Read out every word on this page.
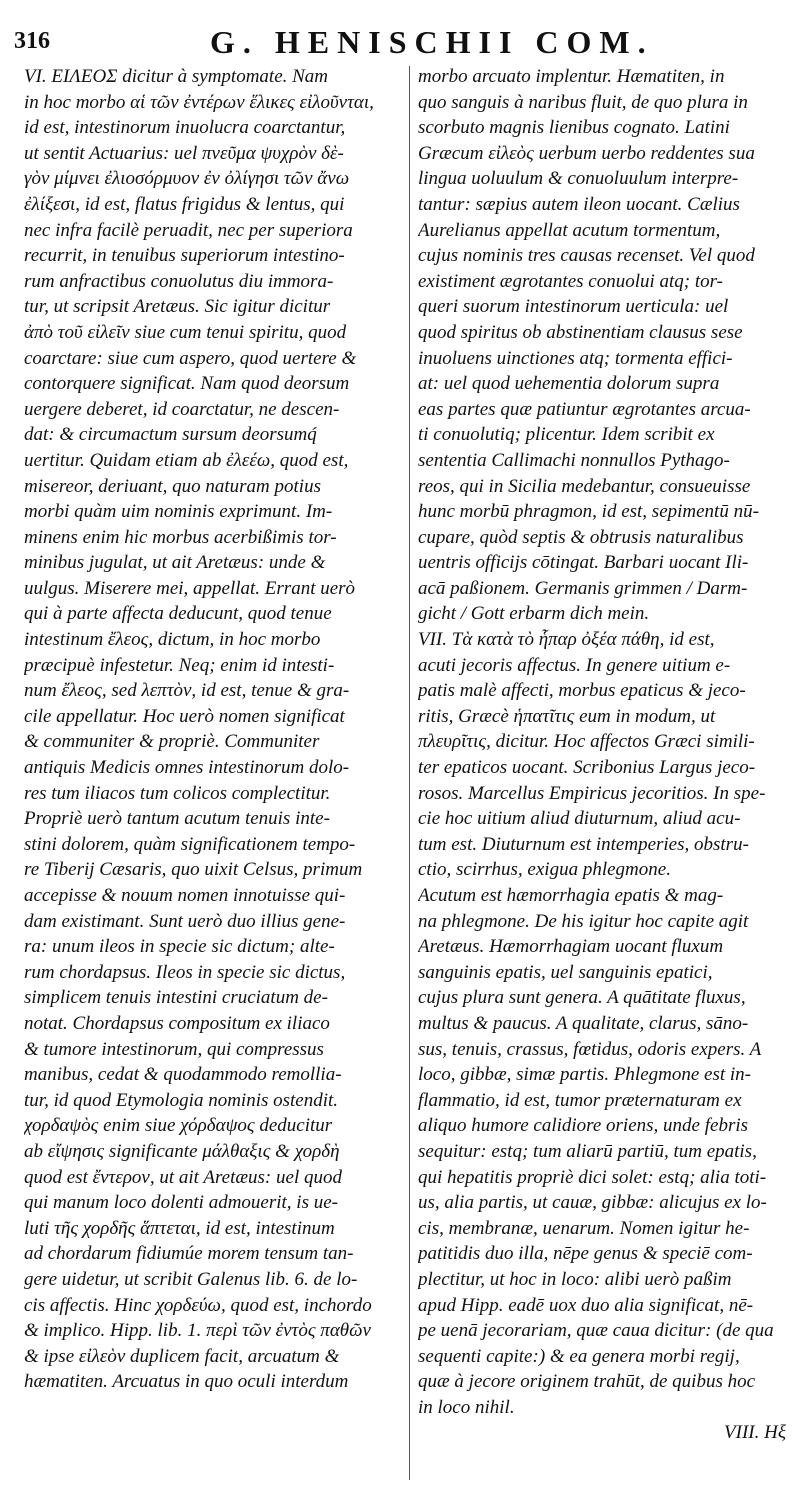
316	G. HENISCHII COM.
VI. ΕΙΛΕΟΣ dicitur à symptomate. Nam
in hoc morbo αἱ τῶν ἐντέρων ἕλικες εἰλοῦνται,
id est, intestinorum inuolucra coarctantur,
ut sentit Actuarius: uel πνεῦμα ψυχρὸν δὲ-
γὸν μίμνει ἐλιοσόρμυον ἐν ὀλίγησι τῶν ἄνω
ἐλίξεσι, id est, flatus frigidus & lentus, qui
nec infra facilè peruadit, nec per superiora
recurrit, in tenuibus superiorum intestino-
rum anfractibus conuolutus diu immora-
tur, ut scripsit Aretæus. Sic igitur dicitur
ἀπὸ τοῦ εἰλεῖν siue cum tenui spiritu, quod
coarctare: siue cum aspero, quod uertere &
contorquere significat. Nam quod deorsum
uergere deberet, id coarctatur, ne descen-
dat: & circumactum sursum deorsumq́
uertitur. Quidam etiam ab ἐλεέω, quod est,
misereor, deriuant, quo naturam potius
morbi quàm uim nominis exprimunt. Im-
minens enim hic morbus acerbißimis tor-
minibus jugulat, ut ait Aretæus: unde &
uulgus. Miserere mei, appellat. Errant uerò
qui à parte affecta deducunt, quod tenue
intestinum ἔλεος, dictum, in hoc morbo
præcipuè infestetur. Neq; enim id intesti-
num ἔλεος, sed λεπτὸν, id est, tenue & gra-
cile appellatur. Hoc uerò nomen significat
& communiter & propriè. Communiter
antiquis Medicis omnes intestinorum dolo-
res tum iliacos tum colicos complectitur.
Propriè uerò tantum acutum tenuis inte-
stini dolorem, quàm significationem tempo-
re Tiberij Cæsaris, quo uixit Celsus, primum
accepisse & nouum nomen innotuisse qui-
dam existimant. Sunt uerò duo illius gene-
ra: unum ileos in specie sic dictum; alte-
rum chordapsus. Ileos in specie sic dictus,
simplicem tenuis intestini cruciatum de-
notat. Chordapsus compositum ex iliaco
& tumore intestinorum, qui compressus
manibus, cedat & quodammodo remollia-
tur, id quod Etymologia nominis ostendit.
χορδαψὸς enim siue χόρδαψος deducitur
ab εἴψησις significante μάλθαξις & χορδὴ
quod est ἔντερον, ut ait Aretæus: uel quod
qui manum loco dolenti admouerit, is ue-
luti τῆς χορδῆς ἅπτεται, id est, intestinum
ad chordarum fidiumúe morem tensum tan-
gere uidetur, ut scribit Galenus lib. 6. de lo-
cis affectis. Hinc χορδεύω, quod est, inchordo
& implico. Hipp. lib. 1. περὶ τῶν ἐντὸς παθῶν
& ipse εἰλεὸν duplicem facit, arcuatum &
hæmatiten. Arcuatus in quo oculi interdum
morbo arcuato implentur. Hæmatiten, in
quo sanguis à naribus fluit, de quo plura in
scorbuto magnis lienibus cognato. Latini
Græcum εἰλεὸς uerbum uerbo reddentes sua
lingua uoluulum & conuoluulum interpre-
tantur: sæpius autem ileon uocant. Cælius
Aurelianus appellat acutum tormentum,
cujus nominis tres causas recenset. Vel quod
existiment ægrotantes conuolui atq; tor-
queri suorum intestinorum uerticula: uel
quod spiritus ob abstinentiam clausus sese
inuoluens uinctiones atq; tormenta effici-
at: uel quod uehementia dolorum supra
eas partes quæ patiuntur ægrotantes arcua-
ti conuolutiq; plicentur. Idem scribit ex
sententia Callimachi nonnullos Pythago-
reos, qui in Sicilia medebantur, consueuisse
hunc morbū phragmon, id est, sepimentū nū-
cupare, quòd septis & obtrusis naturalibus
uentris officijs cōtingat. Barbari uocant Ili-
acā paßionem. Germanis grimmen / Darm-
gicht / Gott erbarm dich mein.
VII. Τὰ κατὰ τὸ ἧπαρ ὀξέα πάθη, id est,
acuti jecoris affectus. In genere uitium e-
patis malè affecti, morbus epaticus & jeco-
ritis, Græcè ἡπατῖτις eum in modum, ut
πλευρῖτις, dicitur. Hoc affectos Græci simili-
ter epaticos uocant. Scribonius Largus jeco-
rosos. Marcellus Empiricus jecoritios. In spe-
cie hoc uitium aliud diuturnum, aliud acu-
tum est. Diuturnum est intemperies, obstru-
ctio, scirrhus, exigua phlegmone.
Acutum est hæmorrhagia epatis & mag-
na phlegmone. De his igitur hoc capite agit
Aretæus. Hæmorrhagiam uocant fluxum
sanguinis epatis, uel sanguinis epatici,
cujus plura sunt genera. A quātitate fluxus,
multus & paucus. A qualitate, clarus, sāno-
sus, tenuis, crassus, fœtidus, odoris expers. A
loco, gibbæ, simæ partis. Phlegmone est in-
flammatio, id est, tumor præternaturam ex
aliquo humore calidiore oriens, unde febris
sequitur: estq; tum aliarū partiū, tum epatis,
qui hepatitis propriè dici solet: estq; alia toti-
us, alia partis, ut cauæ, gibbæ: alicujus ex lo-
cis, membranæ, uenarum. Nomen igitur he-
patitidis duo illa, nēpe genus & speciē com-
plectitur, ut hoc in loco: alibi uerò paßim
apud Hipp. eadē uox duo alia significat, nē-
pe uenā jecorariam, quæ caua dicitur: (de qua
sequenti capite:) & ea genera morbi regij,
quæ à jecore originem trahūt, de quibus hoc
in loco nihil.
VIII. Ηξ
